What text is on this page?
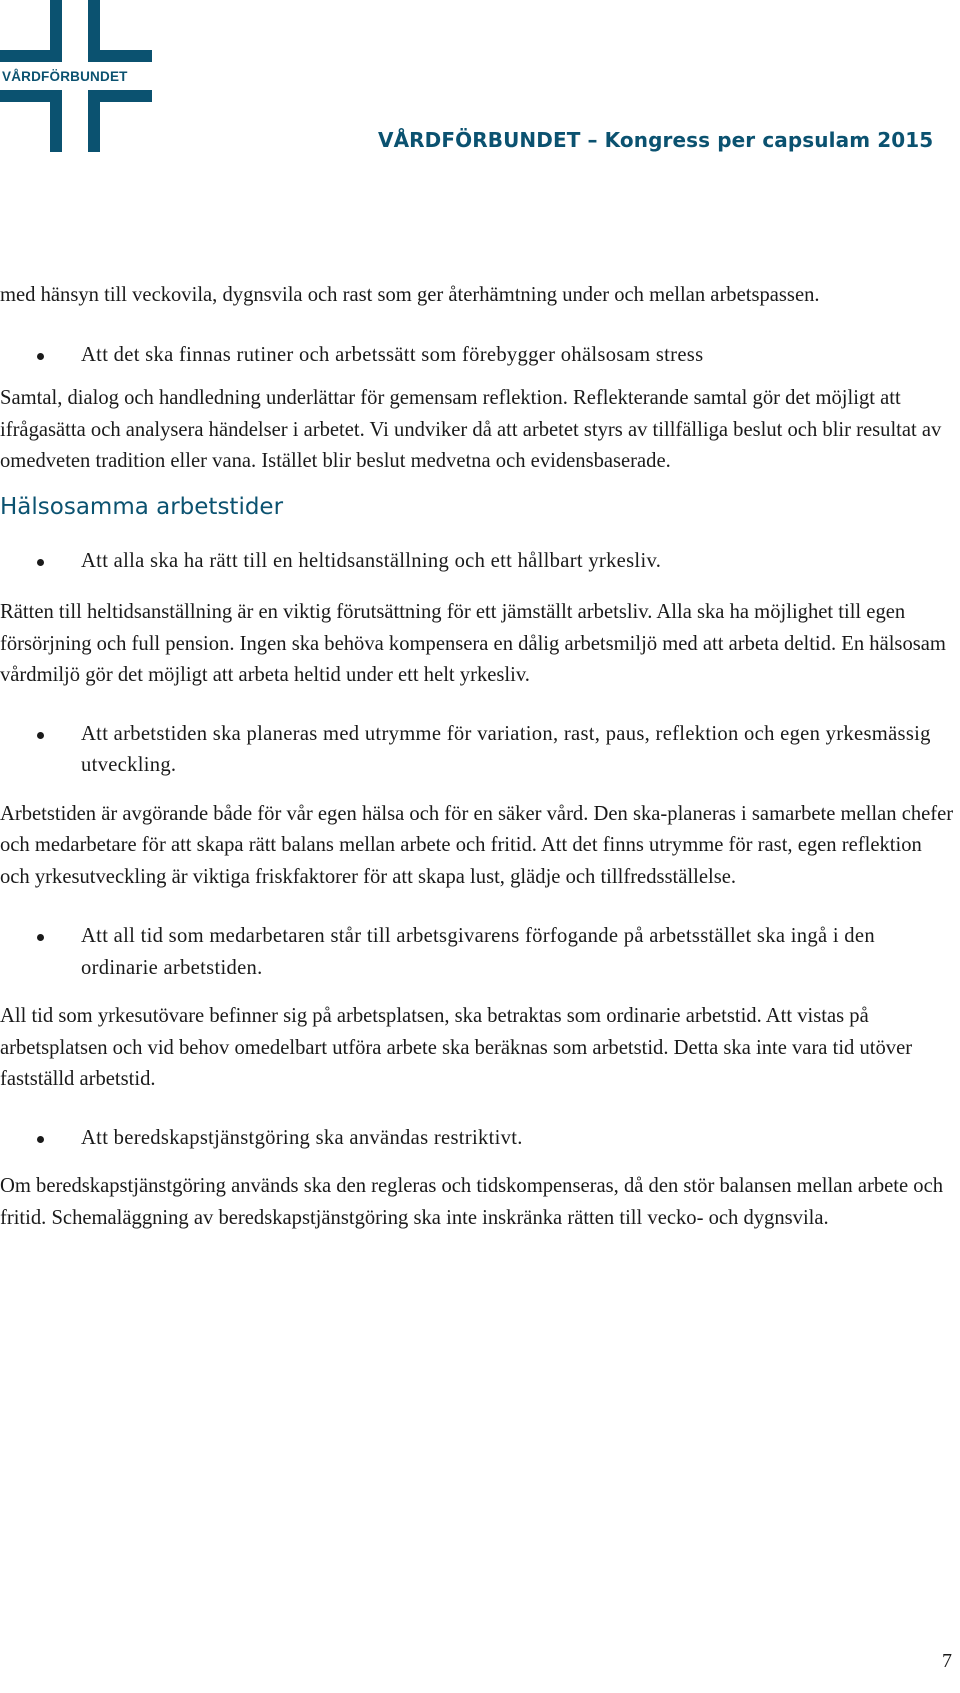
VÅRDFÖRBUNDET
VÅRDFÖRBUNDET – Kongress per capsulam 2015

med hänsyn till veckovila, dygnsvila och rast som ger återhämtning under och mellan arbetspassen.

Att det ska finnas rutiner och arbetssätt som förebygger ohälsosam stress

Samtal, dialog och handledning underlättar för gemensam reflektion. Reflekterande samtal gör det möjligt att ifrågasätta och analysera händelser i arbetet. Vi undviker då att arbetet styrs av tillfälliga beslut och blir resultat av omedveten tradition eller vana. Istället blir beslut medvetna och evidensbaserade.

Hälsosamma arbetstider
Att alla ska ha rätt till en heltidsanställning och ett hållbart yrkesliv.

Rätten till heltidsanställning är en viktig förutsättning för ett jämställt arbetsliv. Alla ska ha möjlighet till egen försörjning och full pension. Ingen ska behöva kompensera en dålig arbetsmiljö med att arbeta deltid. En hälsosam vårdmiljö gör det möjligt att arbeta heltid under ett helt yrkesliv.

Att arbetstiden ska planeras med utrymme för variation, rast, paus, reflektion och egen yrkesmässig utveckling.

Arbetstiden är avgörande både för vår egen hälsa och för en säker vård. Den ska-planeras i samarbete mellan chefer och medarbetare för att skapa rätt balans mellan arbete och fritid. Att det finns utrymme för rast, egen reflektion och yrkesutveckling är viktiga friskfaktorer för att skapa lust, glädje och tillfredsställelse.

Att all tid som medarbetaren står till arbetsgivarens förfogande på arbetsstället ska ingå i den ordinarie arbetstiden.

All tid som yrkesutövare befinner sig på arbetsplatsen, ska betraktas som ordinarie arbetstid. Att vistas på arbetsplatsen och vid behov omedelbart utföra arbete ska beräknas som arbetstid. Detta ska inte vara tid utöver fastställd arbetstid.

Att beredskapstjänstgöring ska användas restriktivt.

Om beredskapstjänstgöring används ska den regleras och tidskompenseras, då den stör balansen mellan arbete och fritid. Schemaläggning av beredskapstjänstgöring ska inte inskränka rätten till vecko- och dygnsvila.

7
